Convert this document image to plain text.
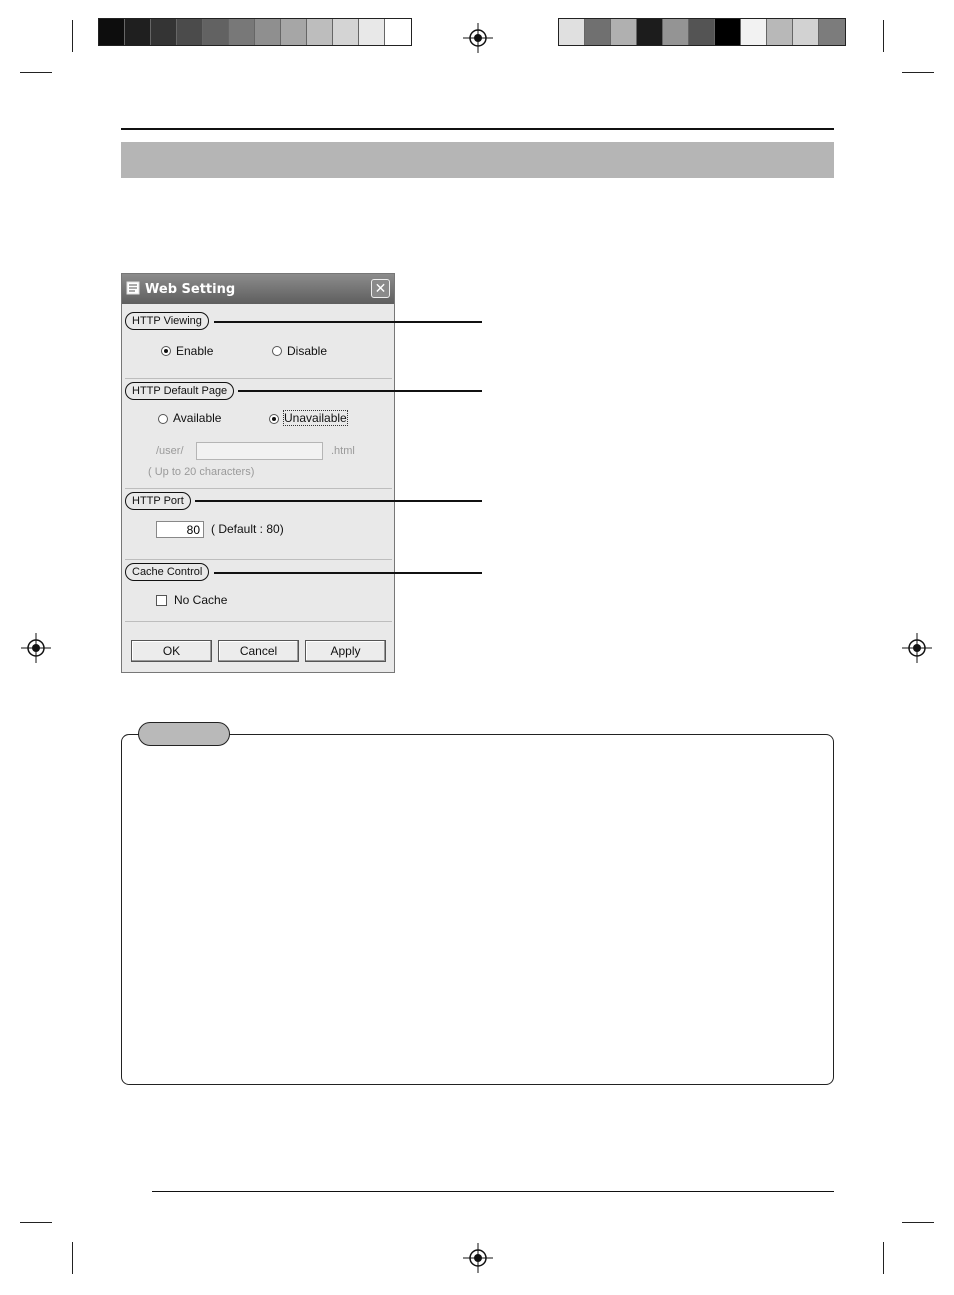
Web Setting	✕
HTTP Viewing
Enable	Disable
HTTP Default Page
Available	Unavailable
/user/	.html
( Up to 20 characters)
HTTP Port
80
( Default : 80)
Cache Control
No Cache
OK	Cancel	Apply
